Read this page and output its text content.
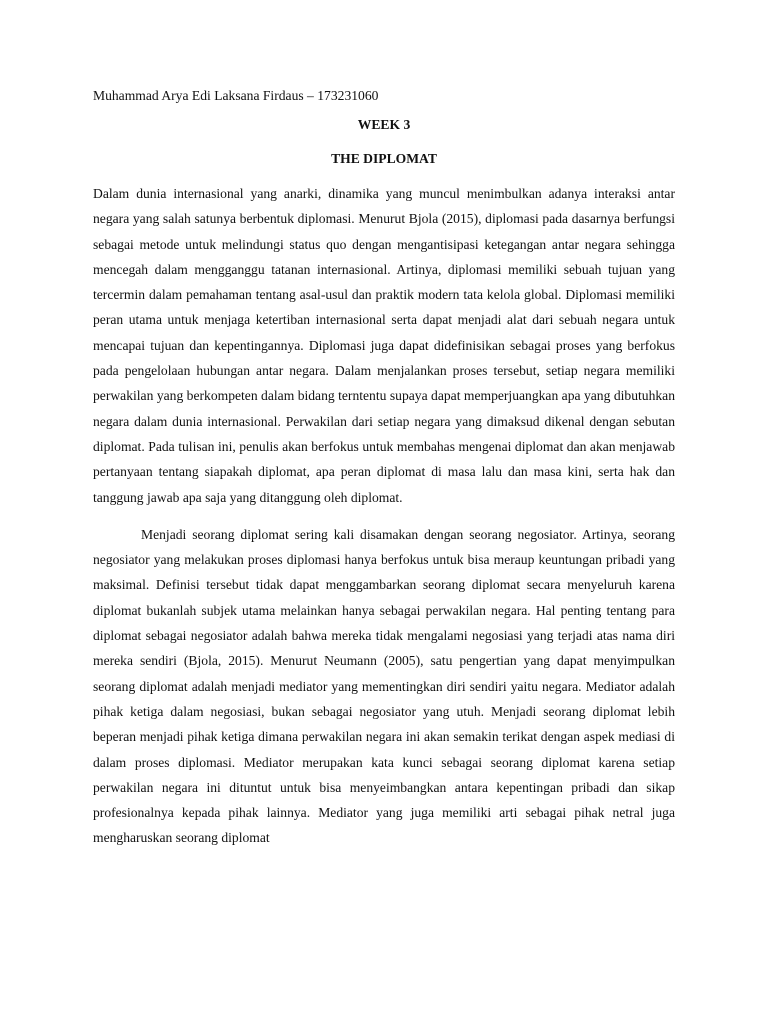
Muhammad Arya Edi Laksana Firdaus – 173231060

WEEK 3

THE DIPLOMAT

Dalam dunia internasional yang anarki, dinamika yang muncul menimbulkan adanya interaksi antar negara yang salah satunya berbentuk diplomasi. Menurut Bjola (2015), diplomasi pada dasarnya berfungsi sebagai metode untuk melindungi status quo dengan mengantisipasi ketegangan antar negara sehingga mencegah dalam mengganggu tatanan internasional. Artinya, diplomasi memiliki sebuah tujuan yang tercermin dalam pemahaman tentang asal-usul dan praktik modern tata kelola global. Diplomasi memiliki peran utama untuk menjaga ketertiban internasional serta dapat menjadi alat dari sebuah negara untuk mencapai tujuan dan kepentingannya. Diplomasi juga dapat didefinisikan sebagai proses yang berfokus pada pengelolaan hubungan antar negara. Dalam menjalankan proses tersebut, setiap negara memiliki perwakilan yang berkompeten dalam bidang terntentu supaya dapat memperjuangkan apa yang dibutuhkan negara dalam dunia internasional. Perwakilan dari setiap negara yang dimaksud dikenal dengan sebutan diplomat. Pada tulisan ini, penulis akan berfokus untuk membahas mengenai diplomat dan akan menjawab pertanyaan tentang siapakah diplomat, apa peran diplomat di masa lalu dan masa kini, serta hak dan tanggung jawab apa saja yang ditanggung oleh diplomat.

Menjadi seorang diplomat sering kali disamakan dengan seorang negosiator. Artinya, seorang negosiator yang melakukan proses diplomasi hanya berfokus untuk bisa meraup keuntungan pribadi yang maksimal. Definisi tersebut tidak dapat menggambarkan seorang diplomat secara menyeluruh karena diplomat bukanlah subjek utama melainkan hanya sebagai perwakilan negara. Hal penting tentang para diplomat sebagai negosiator adalah bahwa mereka tidak mengalami negosiasi yang terjadi atas nama diri mereka sendiri (Bjola, 2015). Menurut Neumann (2005), satu pengertian yang dapat menyimpulkan seorang diplomat adalah menjadi mediator yang mementingkan diri sendiri yaitu negara. Mediator adalah pihak ketiga dalam negosiasi, bukan sebagai negosiator yang utuh. Menjadi seorang diplomat lebih beperan menjadi pihak ketiga dimana perwakilan negara ini akan semakin terikat dengan aspek mediasi di dalam proses diplomasi. Mediator merupakan kata kunci sebagai seorang diplomat karena setiap perwakilan negara ini dituntut untuk bisa menyeimbangkan antara kepentingan pribadi dan sikap profesionalnya kepada pihak lainnya. Mediator yang juga memiliki arti sebagai pihak netral juga mengharuskan seorang diplomat
